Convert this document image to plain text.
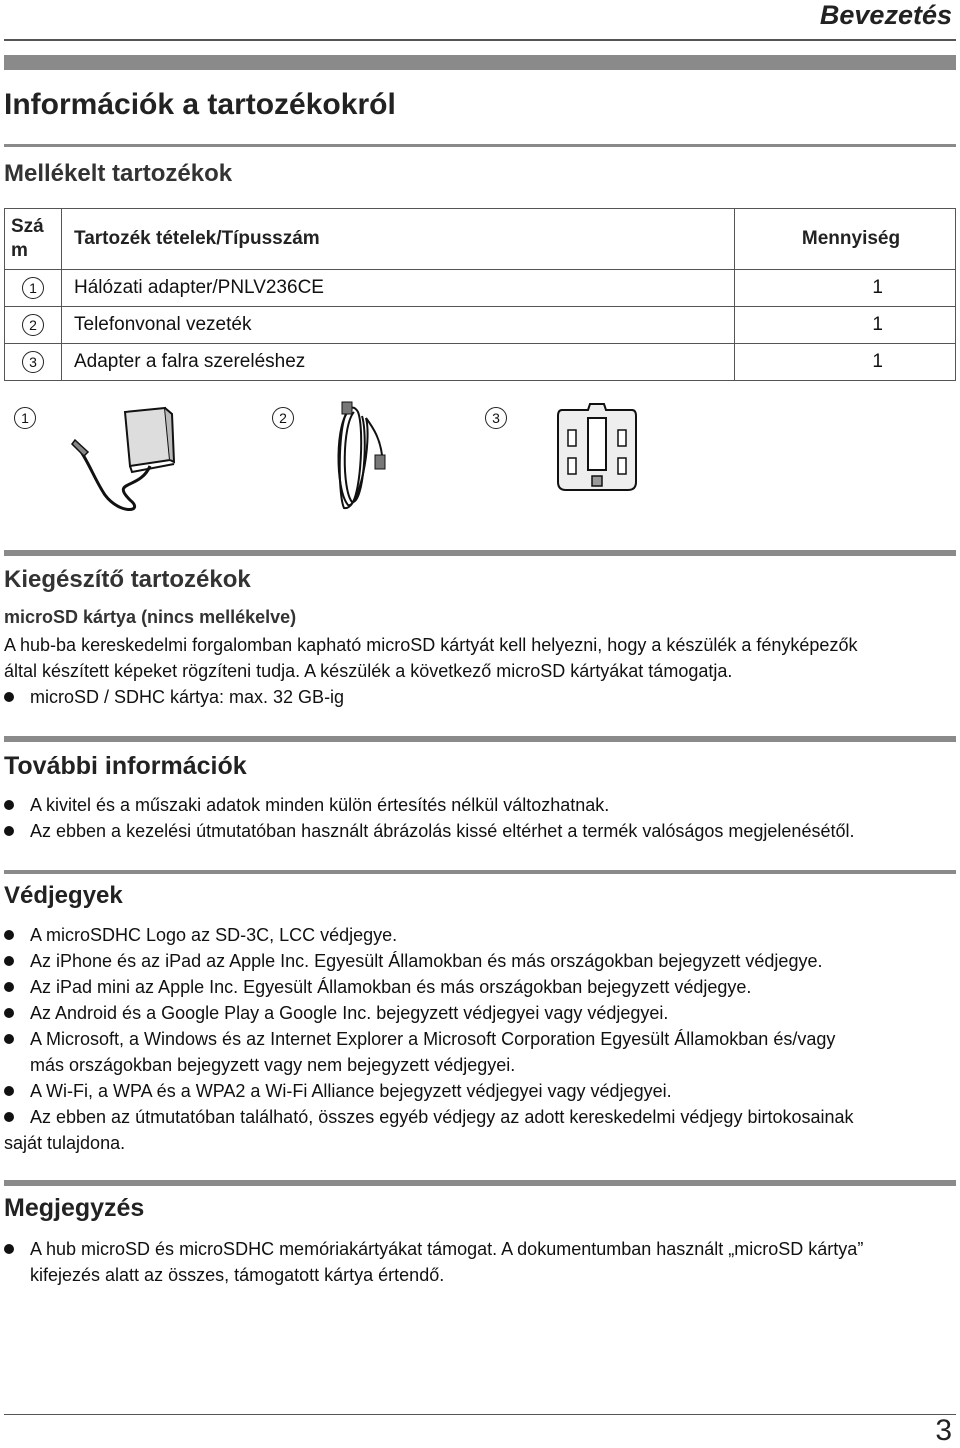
Bevezetés
Információk a tartozékokról
Mellékelt tartozékok
Szá
m	Tartozék tételek/Típusszám	Mennyiség
1	Hálózati adapter/PNLV236CE	1
2	Telefonvonal vezeték	1
3	Adapter a falra szereléshez	1
1	2	3
Kiegészítő tartozékok
microSD kártya (nincs mellékelve)
A hub-ba kereskedelmi forgalomban kapható microSD kártyát kell helyezni, hogy a készülék a fényképezők
által készített képeket rögzíteni tudja. A készülék a következő microSD kártyákat támogatja.
microSD / SDHC kártya: max. 32 GB-ig
További információk
A kivitel és a műszaki adatok minden külön értesítés nélkül változhatnak.
Az ebben a kezelési útmutatóban használt ábrázolás kissé eltérhet a termék valóságos megjelenésétől.
Védjegyek
A microSDHC Logo az SD-3C, LCC védjegye.
Az iPhone és az iPad az Apple Inc. Egyesült Államokban és más országokban bejegyzett védjegye.
Az iPad mini az Apple Inc. Egyesült Államokban és más országokban bejegyzett védjegye.
Az Android és a Google Play a Google Inc. bejegyzett védjegyei vagy védjegyei.
A Microsoft, a Windows és az Internet Explorer a Microsoft Corporation Egyesült Államokban és/vagy
más országokban bejegyzett vagy nem bejegyzett védjegyei.
A Wi-Fi, a WPA és a WPA2 a Wi-Fi Alliance bejegyzett védjegyei vagy védjegyei.
Az ebben az útmutatóban található, összes egyéb védjegy az adott kereskedelmi védjegy birtokosainak
saját tulajdona.
Megjegyzés
A hub microSD és microSDHC memóriakártyákat támogat. A dokumentumban használt „microSD kártya”
kifejezés alatt az összes, támogatott kártya értendő.
3
